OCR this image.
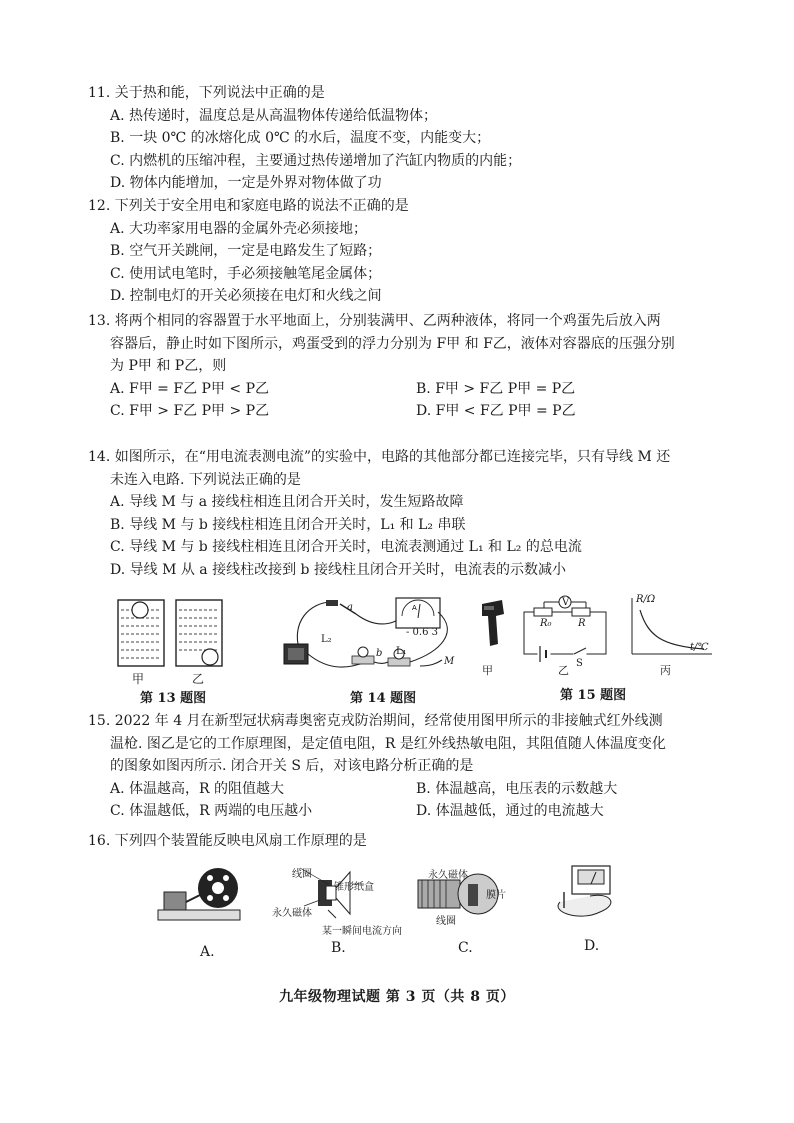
11. 关于热和能，下列说法中正确的是

A. 热传递时，温度总是从高温物体传递给低温物体；
B. 一块 0℃ 的冰熔化成 0℃ 的水后，温度不变，内能变大；
C. 内燃机的压缩冲程，主要通过热传递增加了汽缸内物质的内能；
D. 物体内能增加，一定是外界对物体做了功

12. 下列关于安全用电和家庭电路的说法不正确的是

A. 大功率家用电器的金属外壳必须接地；
B. 空气开关跳闸，一定是电路发生了短路；
C. 使用试电笔时，手必须接触笔尾金属体；
D. 控制电灯的开关必须接在电灯和火线之间

13. 将两个相同的容器置于水平地面上，分别装满甲、乙两种液体，将同一个鸡蛋先后放入两
容器后，静止时如下图所示，鸡蛋受到的浮力分别为 F甲 和 F乙，液体对容器底的压强分别
为 P甲 和 P乙，则

A. F甲 = F乙 P甲 < P乙	B. F甲 > F乙 P甲 = P乙
C. F甲 > F乙 P甲 > P乙	D. F甲 < F乙 P甲 = P乙

14. 如图所示，在“用电流表测电流”的实验中，电路的其他部分都已连接完毕，只有导线 M 还
未连入电路. 下列说法正确的是

A. 导线 M 与 a 接线柱相连且闭合开关时，发生短路故障
B. 导线 M 与 b 接线柱相连且闭合开关时，L₁ 和 L₂ 串联
C. 导线 M 与 b 接线柱相连且闭合开关时，电流表测通过 L₁ 和 L₂ 的总电流
D. 导线 M 从 a 接线柱改接到 b 接线柱且闭合开关时，电流表的示数减小
甲	乙
第 13 题图
A
a
- 0.6 3
L₂
b L₁
M
第 14 题图
甲
V
R₀	R
乙
S
R/Ω
t/℃
丙
第 15 题图

15. 2022 年 4 月在新型冠状病毒奥密克戎防治期间，经常使用图甲所示的非接触式红外线测
温枪. 图乙是它的工作原理图，是定值电阻，R 是红外线热敏电阻，其阻值随人体温度变化
的图象如图丙所示. 闭合开关 S 后，对该电路分析正确的是

A. 体温越高，R 的阻值越大	B. 体温越高，电压表的示数越大
C. 体温越低，R 两端的电压越小	D. 体温越低，通过的电流越大

16. 下列四个装置能反映电风扇工作原理的是

线圈
锥形纸盒
永久磁体
某一瞬间电流方向
永久磁体
膜片
线圈
A.	B.	C.	D.
九年级物理试题 第 3 页（共 8 页）
